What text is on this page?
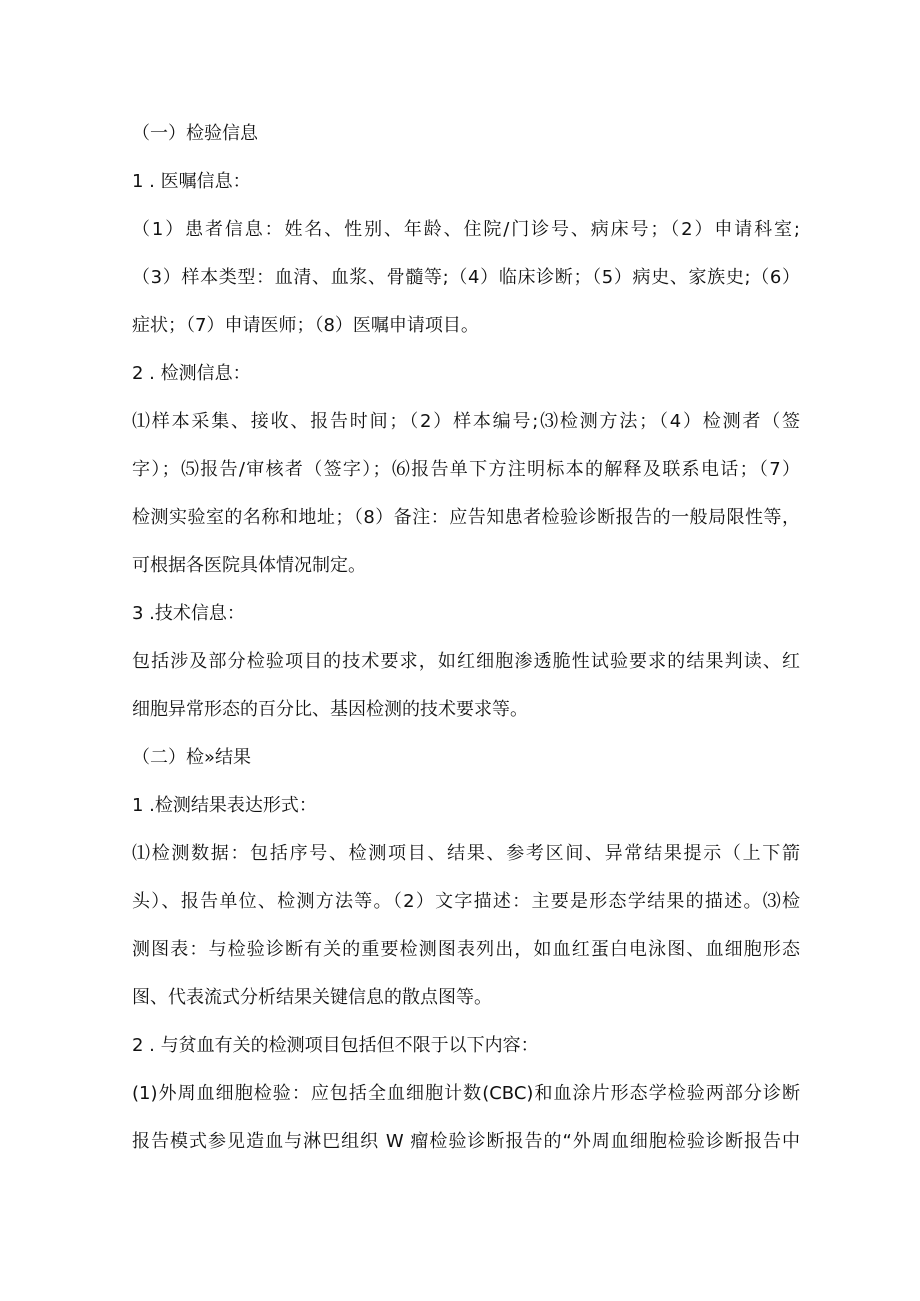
（一）检验信息
1 . 医嘱信息：
（1）患者信息：姓名、性别、年龄、住院/门诊号、病床号；（2）申请科室;
（3）样本类型：血清、血浆、骨髓等;（4）临床诊断；（5）病史、家族史;（6）
症状；（7）申请医师；（8）医嘱申请项目。
2 . 检测信息：
⑴样本采集、接收、报告时间；（2）样本编号;⑶检测方法；（4）检测者（签
字）；⑸报告/审核者（签字）；⑹报告单下方注明标本的解释及联系电话；（7）
检测实验室的名称和地址；（8）备注：应告知患者检验诊断报告的一般局限性等，
可根据各医院具体情况制定。
3 .技术信息：
包括涉及部分检验项目的技术要求，如红细胞渗透脆性试验要求的结果判读、红
细胞异常形态的百分比、基因检测的技术要求等。
（二）检»结果
1 .检测结果表达形式：
⑴检测数据：包括序号、检测项目、结果、参考区间、异常结果提示（上下箭
头）、报告单位、检测方法等。（2）文字描述：主要是形态学结果的描述。⑶检
测图表：与检验诊断有关的重要检测图表列出，如血红蛋白电泳图、血细胞形态
图、代表流式分析结果关键信息的散点图等。
2 . 与贫血有关的检测项目包括但不限于以下内容：
(1)外周血细胞检验：应包括全血细胞计数(CBC)和血涂片形态学检验两部分诊断
报告模式参见造血与淋巴组织 W 瘤检验诊断报告的“外周血细胞检验诊断报告中
